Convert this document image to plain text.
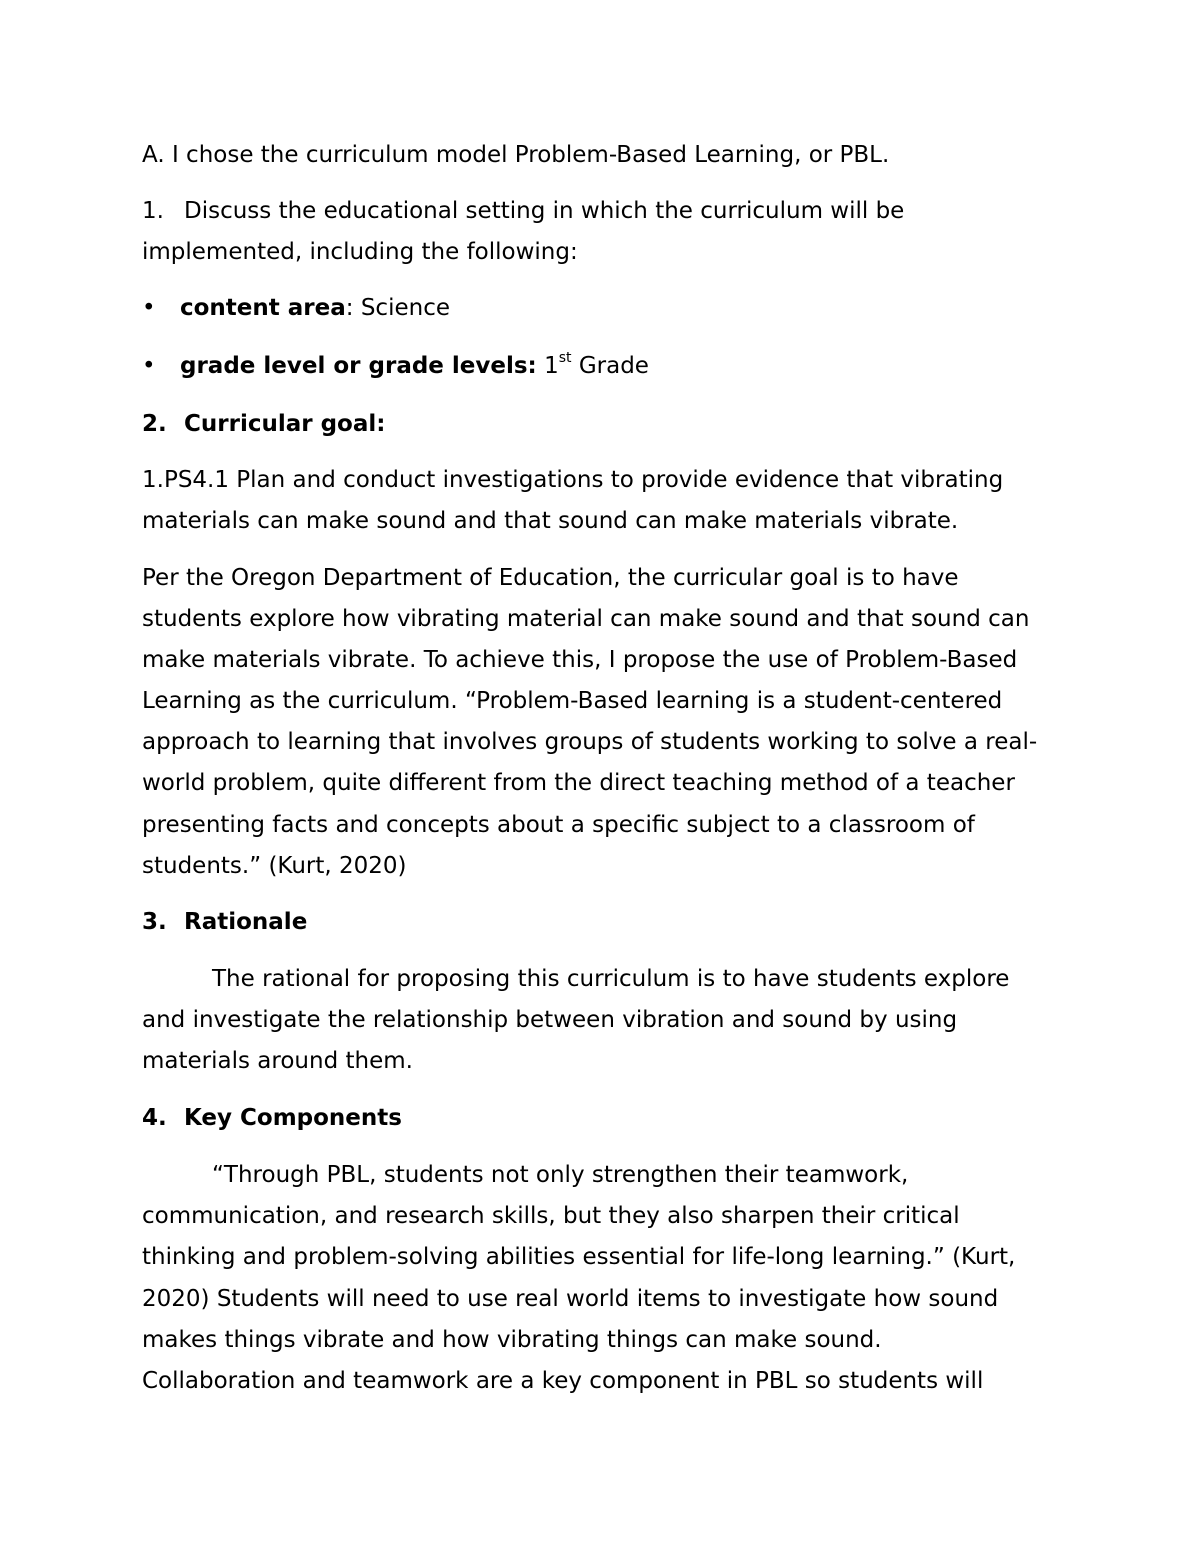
A. I chose the curriculum model Problem-Based Learning, or PBL.

1. Discuss the educational setting in which the curriculum will be

implemented, including the following:

• content area: Science
• grade level or grade levels: 1st Grade

2. Curricular goal:

1.PS4.1 Plan and conduct investigations to provide evidence that vibrating

materials can make sound and that sound can make materials vibrate.

Per the Oregon Department of Education, the curricular goal is to have

students explore how vibrating material can make sound and that sound can

make materials vibrate. To achieve this, I propose the use of Problem-Based

Learning as the curriculum. “Problem-Based learning is a student-centered

approach to learning that involves groups of students working to solve a real-

world problem, quite different from the direct teaching method of a teacher

presenting facts and concepts about a specific subject to a classroom of

students.” (Kurt, 2020)

3. Rationale

The rational for proposing this curriculum is to have students explore

and investigate the relationship between vibration and sound by using

materials around them.

4. Key Components

“Through PBL, students not only strengthen their teamwork,

communication, and research skills, but they also sharpen their critical

thinking and problem-solving abilities essential for life-long learning.” (Kurt,

2020) Students will need to use real world items to investigate how sound

makes things vibrate and how vibrating things can make sound.

Collaboration and teamwork are a key component in PBL so students will
